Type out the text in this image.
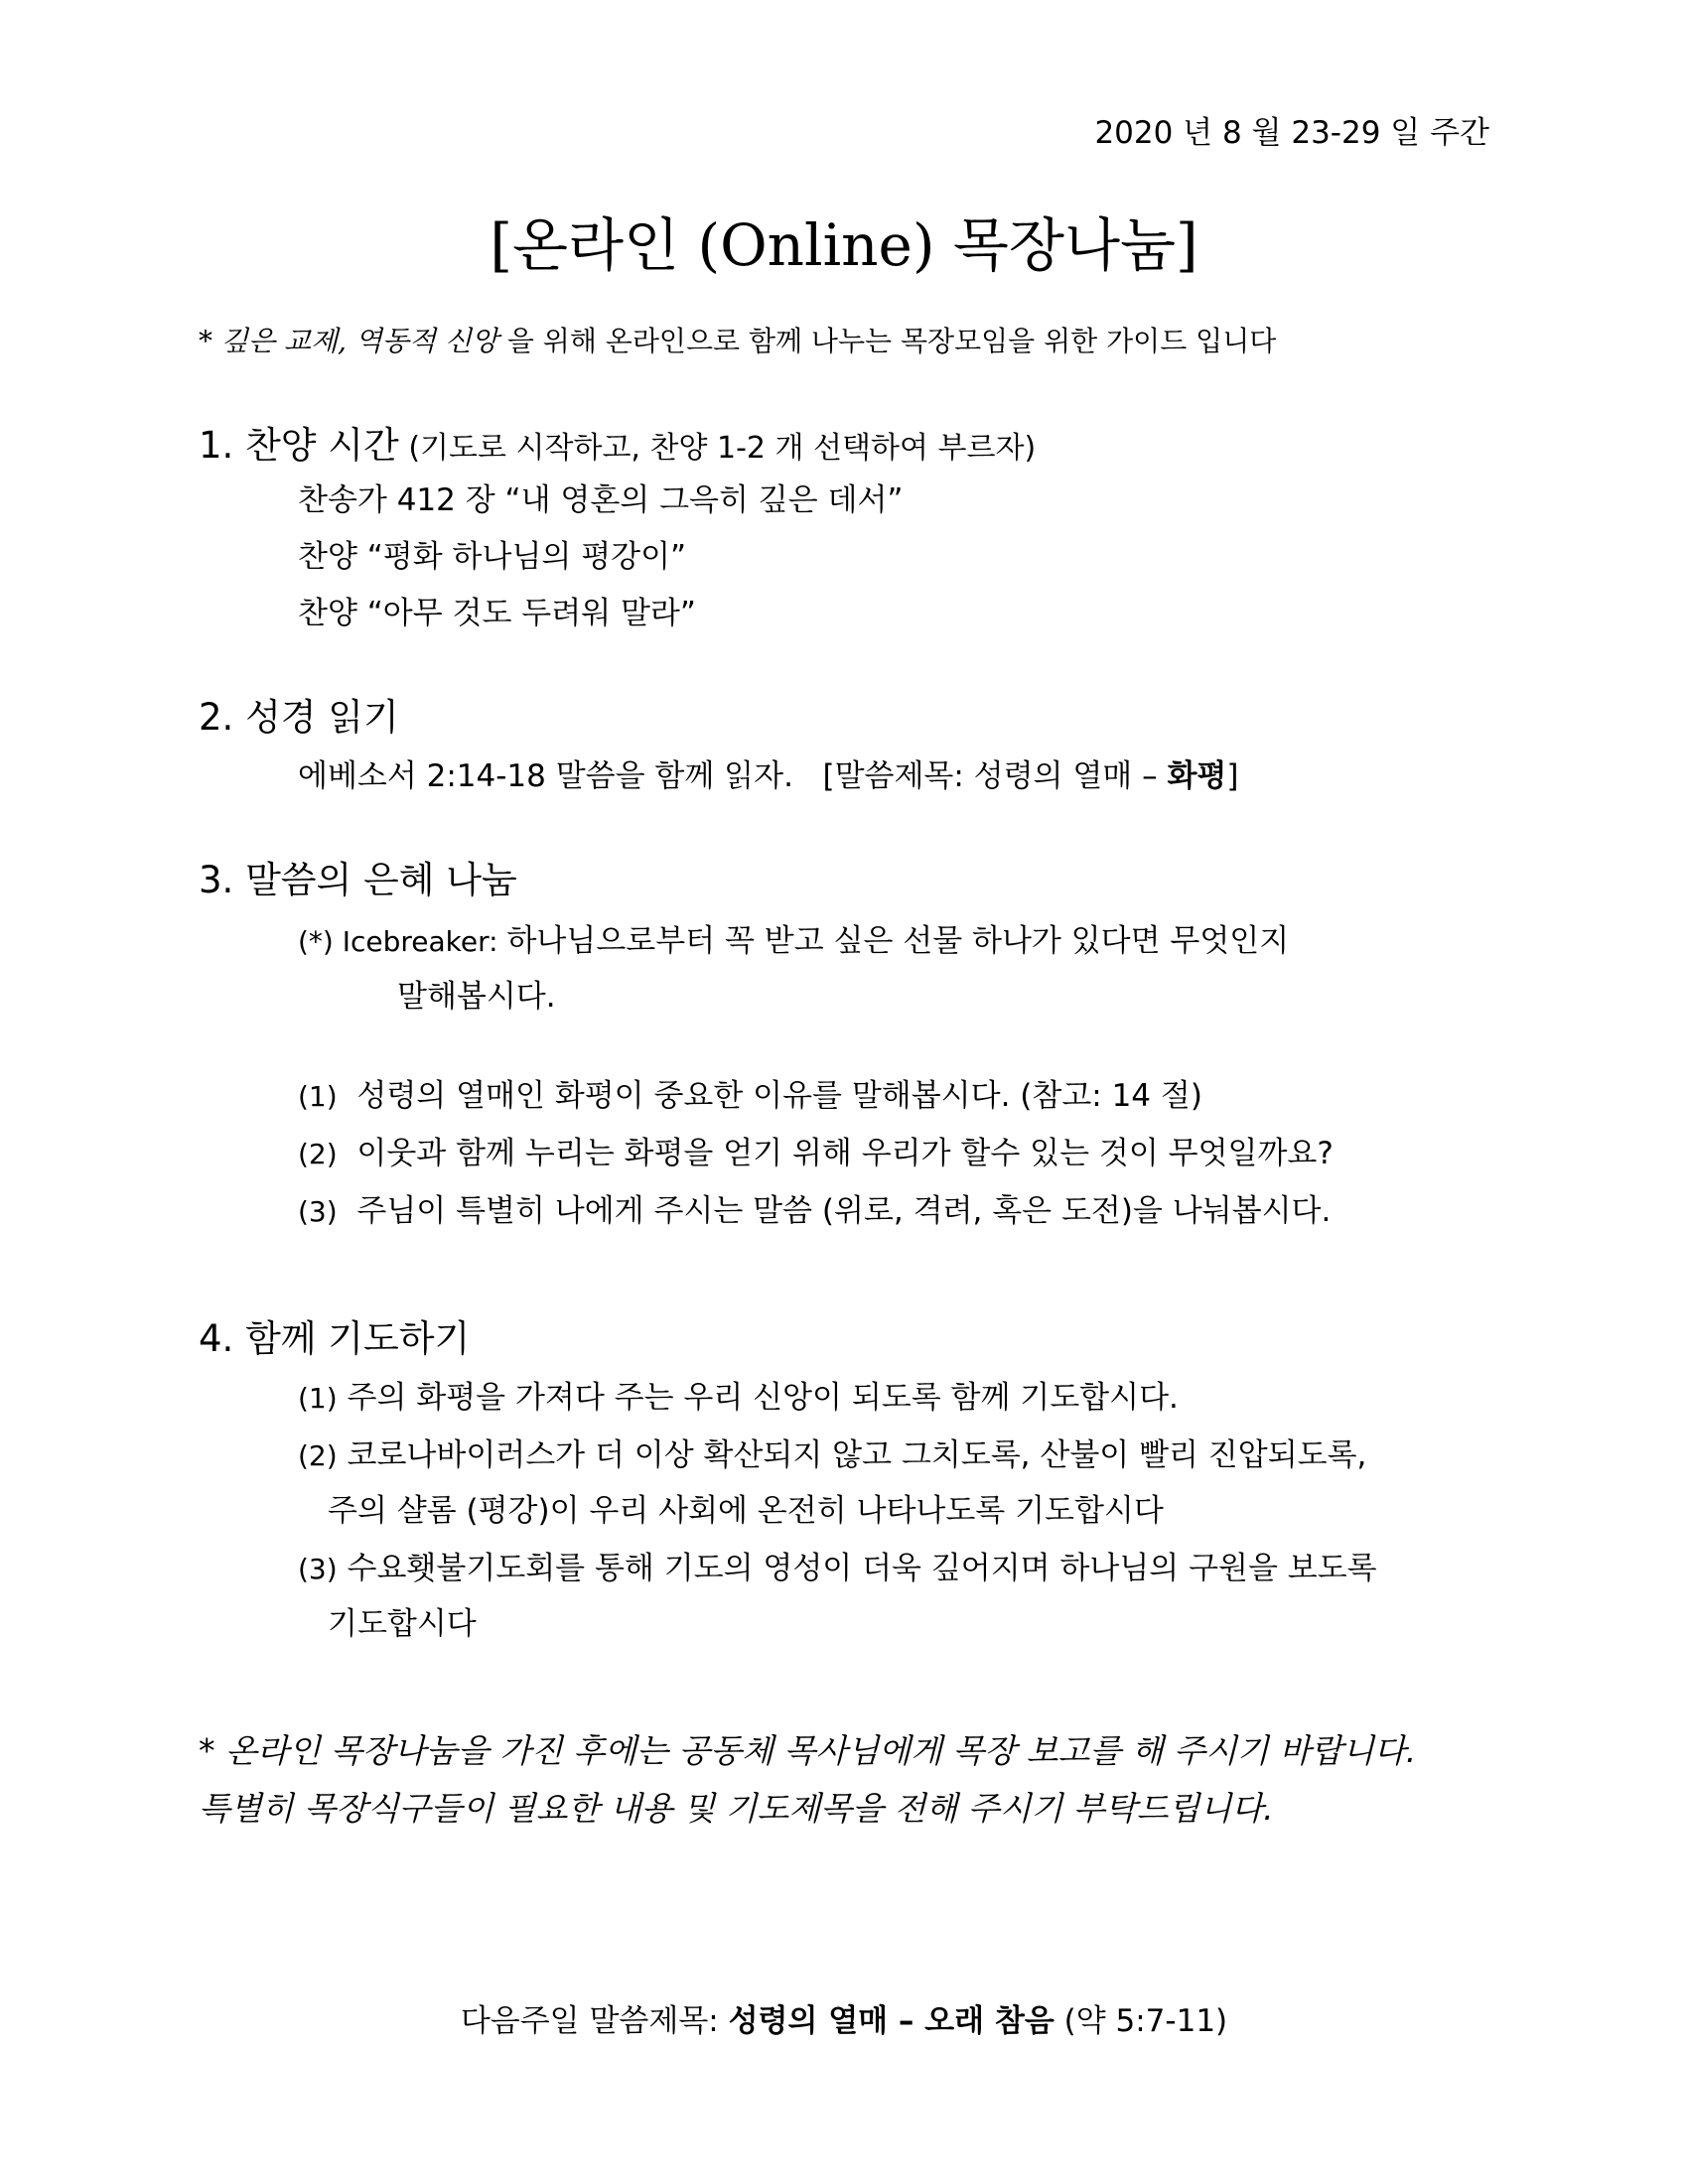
2020 년 8 월 23-29 일 주간
[온라인 (Online) 목장나눔]
* 깊은 교제, 역동적 신앙 을 위해 온라인으로 함께 나누는 목장모임을 위한 가이드 입니다
1. 찬양 시간 (기도로 시작하고, 찬양 1-2 개 선택하여 부르자)
찬송가 412 장 “내 영혼의 그윽히 깊은 데서”
찬양 “평화 하나님의 평강이”
찬양 “아무 것도 두려워 말라”
2. 성경 읽기
에베소서 2:14-18 말씀을 함께 읽자. [말씀제목: 성령의 열매 – 화평]
3. 말씀의 은혜 나눔
(*) Icebreaker: 하나님으로부터 꼭 받고 싶은 선물 하나가 있다면 무엇인지
말해봅시다.
(1) 성령의 열매인 화평이 중요한 이유를 말해봅시다. (참고: 14 절)
(2) 이웃과 함께 누리는 화평을 얻기 위해 우리가 할수 있는 것이 무엇일까요?
(3) 주님이 특별히 나에게 주시는 말씀 (위로, 격려, 혹은 도전)을 나눠봅시다.
4. 함께 기도하기
(1) 주의 화평을 가져다 주는 우리 신앙이 되도록 함께 기도합시다.
(2) 코로나바이러스가 더 이상 확산되지 않고 그치도록, 산불이 빨리 진압되도록,
주의 샬롬 (평강)이 우리 사회에 온전히 나타나도록 기도합시다
(3) 수요횃불기도회를 통해 기도의 영성이 더욱 깊어지며 하나님의 구원을 보도록
기도합시다
* 온라인 목장나눔을 가진 후에는 공동체 목사님에게 목장 보고를 해 주시기 바랍니다.
특별히 목장식구들이 필요한 내용 및 기도제목을 전해 주시기 부탁드립니다.
다음주일 말씀제목: 성령의 열매 – 오래 참음 (약 5:7-11)
